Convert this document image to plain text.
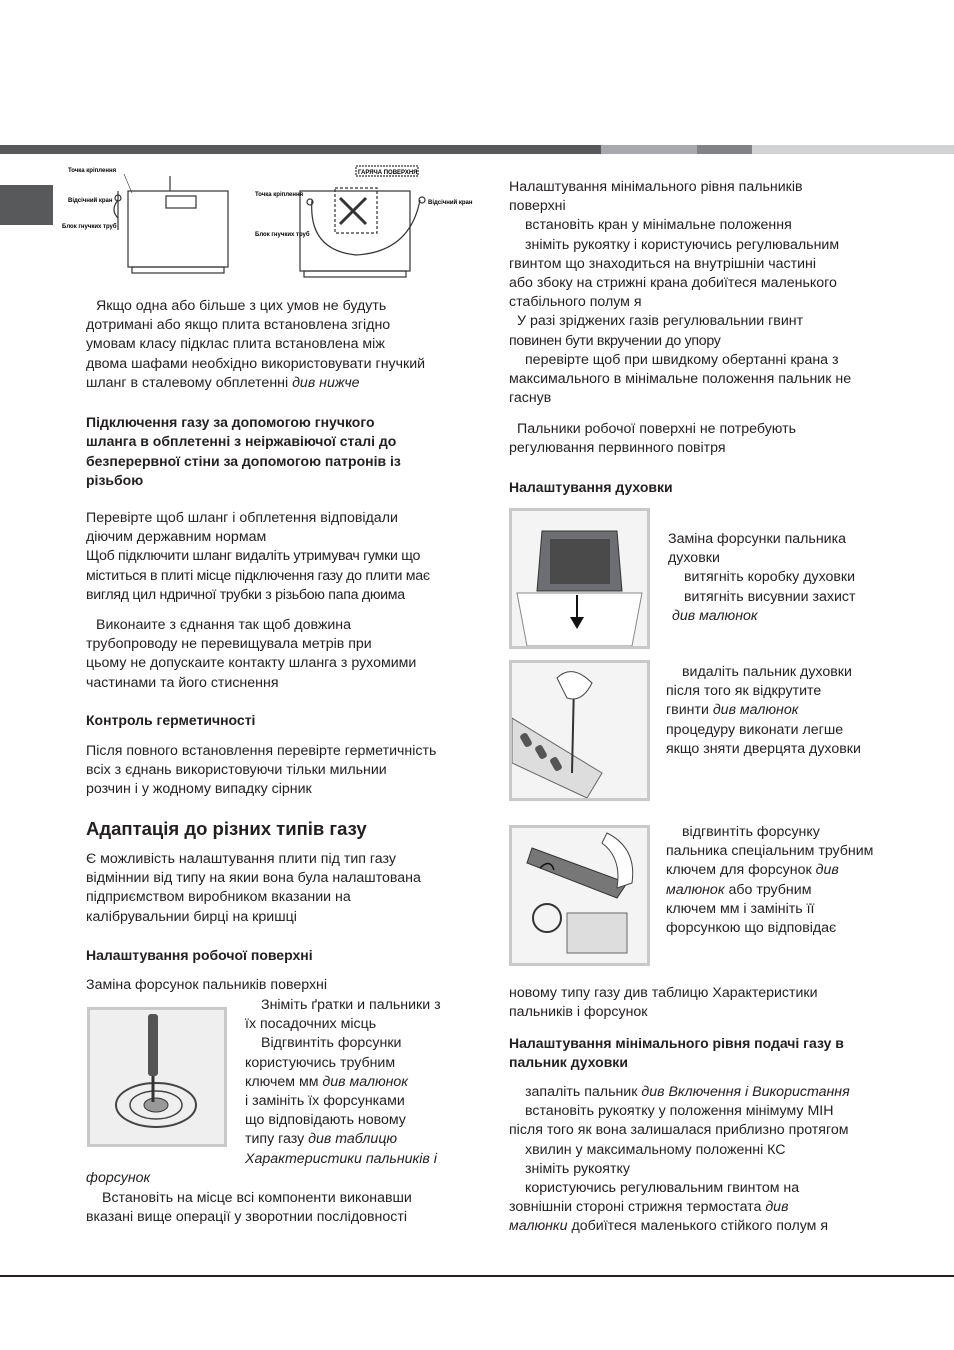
Точка кріплення
Відсічний кран
Блок гнучких труб
ГАРЯЧА ПОВЕРХНЯ
Точка кріплення
Відсічний кран
Блок гнучких труб

Якщо одна або більше з цих умов не будуть

дотримані або якщо плита встановлена згідно

умовам класу підклас плита встановлена між

двома шафами необхідно використовувати гнучкий

шланг в сталевому обплетенні див нижче

Підключення газу за допомогою гнучкого
шланга в обплетенні з неіржавіючої сталі до
безперервної стіни за допомогою патронів із
різьбою

Перевірте щоб шланг і обплетення відповідали

діючим державним нормам

Щоб підключити шланг видаліть утримувач гумки що

міститься в плиті місце підключення газу до плити має

вигляд цил ндричної трубки з різьбою папа дюима

Виконаите з єднання так щоб довжина

трубопроводу не перевищувала метрів при

цьому не допускаите контакту шланга з рухомими

частинами та його стиснення

Контроль герметичності

Після повного встановлення перевірте герметичність

всіх з єднань використовуючи тільки мильнии

розчин і у жодному випадку сірник

Адаптація до різних типів газу

Є можливість налаштування плити під тип газу

відміннии від типу на якии вона була налаштована

підприємством виробником вказании на

калібрувальнии бирці на кришці

Налаштування робочої поверхні
Заміна форсунок пальників поверхні

Зніміть ґратки и пальники з

їх посадочних місць

Відгвинтіть форсунки

користуючись трубним

ключем мм див малюнок

і замініть їх форсунками

що відповідають новому

типу газу див таблицю

Характеристики пальників і

форсунок

Встановіть на місце всі компоненти виконавши

вказані вище операції у зворотнии послідовності

Налаштування мінімального рівня пальників

поверхні

встановіть кран у мінімальне положення

зніміть рукоятку і користуючись регулювальним

гвинтом що знаходиться на внутрішніи частині

або збоку на стрижні крана добиїтеся маленького

стабільного полум я

У разі зріджених газів регулювальнии гвинт

повинен бути вкручении до упору

перевірте щоб при швидкому обертанні крана з

максимального в мінімальне положення пальник не

гаснув

Пальники робочої поверхні не потребують

регулювання первинного повітря

Налаштування духовки

Заміна форсунки пальника

духовки

витягніть коробку духовки

витягніть висувнии захист

див малюнок

видаліть пальник духовки

після того як відкрутите

гвинти див малюнок

процедуру виконати легше

якщо зняти дверцята духовки

відгвинтіть форсунку

пальника спеціальним трубним

ключем для форсунок див

малюнок або трубним

ключем мм і замініть її

форсункою що відповідає

новому типу газу див таблицю Характеристики

пальників і форсунок

Налаштування мінімального рівня подачі газу в
пальник духовки

запаліть пальник див Включення і Використання

встановіть рукоятку у положення мінімуму МІН

після того як вона залишалася приблизно протягом

хвилин у максимальному положенні КС

зніміть рукоятку

користуючись регулювальним гвинтом на

зовнішніи стороні стрижня термостата див

малюнки добиїтеся маленького стійкого полум я
